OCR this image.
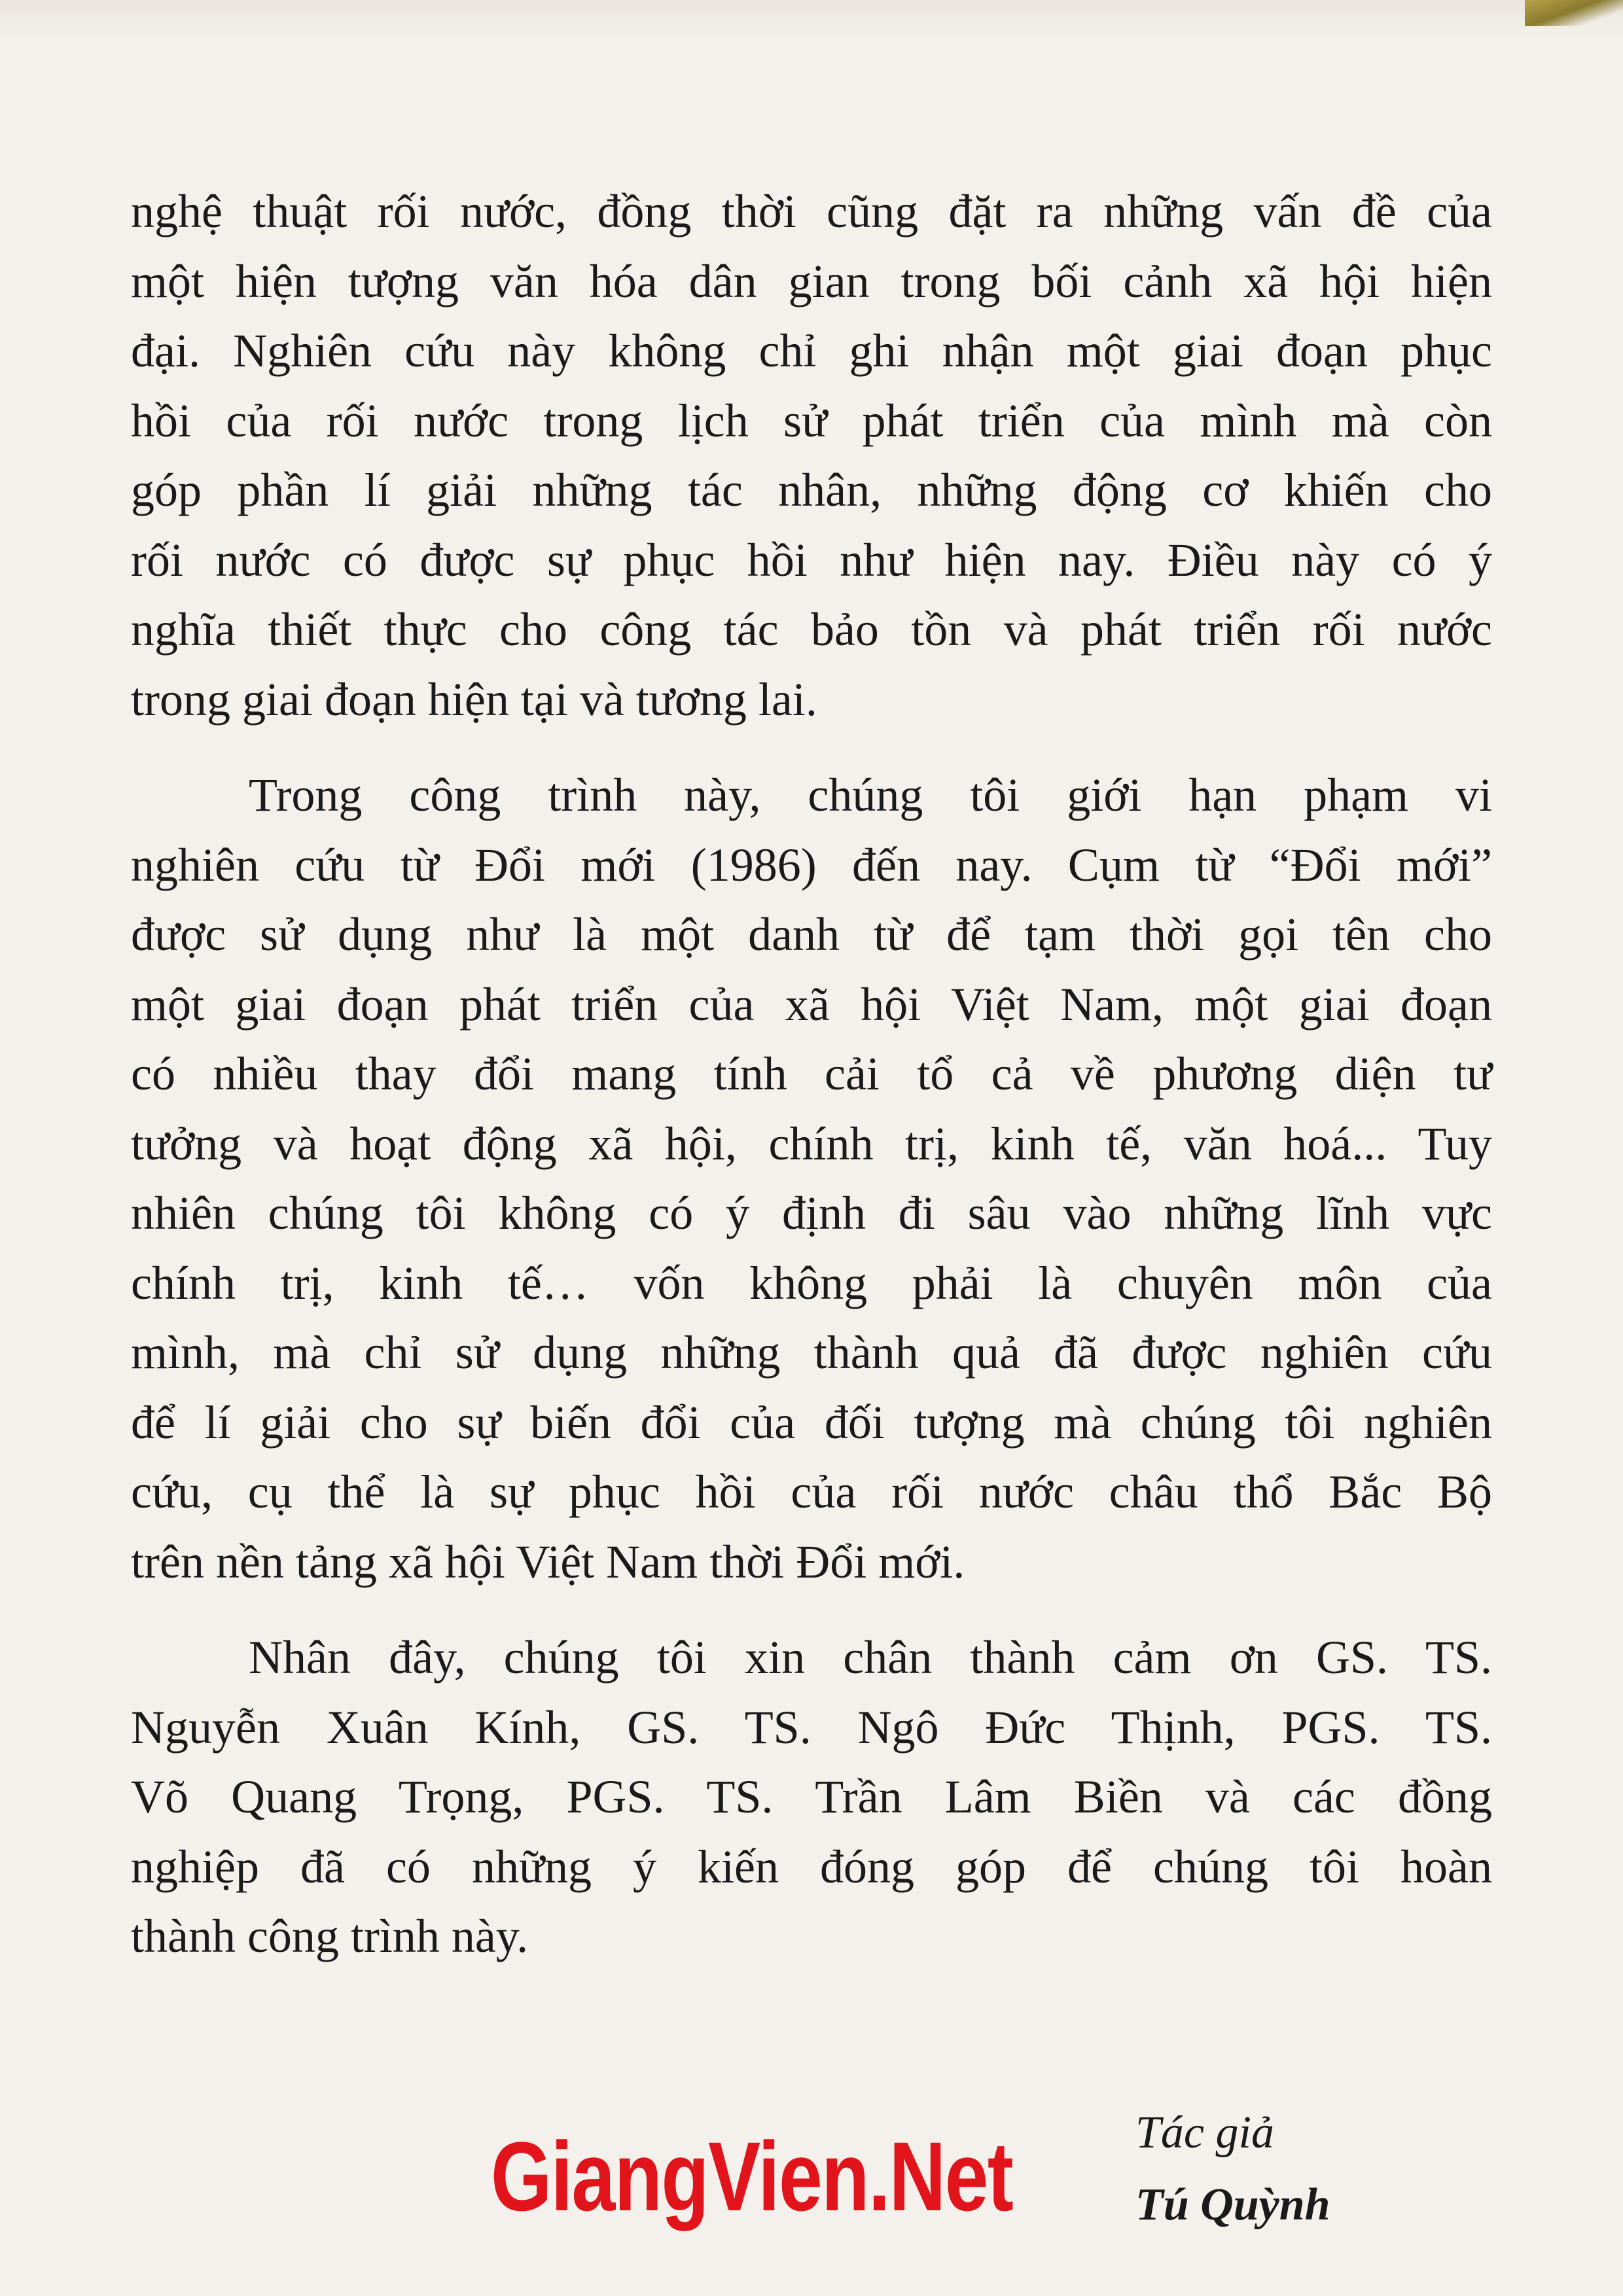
nghệ thuật rối nước, đồng thời cũng đặt ra những vấn đề của
một hiện tượng văn hóa dân gian trong bối cảnh xã hội hiện
đại. Nghiên cứu này không chỉ ghi nhận một giai đoạn phục
hồi của rối nước trong lịch sử phát triển của mình mà còn
góp phần lí giải những tác nhân, những động cơ khiến cho
rối nước có được sự phục hồi như hiện nay. Điều này có ý
nghĩa thiết thực cho công tác bảo tồn và phát triển rối nước
trong giai đoạn hiện tại và tương lai.

Trong công trình này, chúng tôi giới hạn phạm vi
nghiên cứu từ Đổi mới (1986) đến nay. Cụm từ “Đổi mới”
được sử dụng như là một danh từ để tạm thời gọi tên cho
một giai đoạn phát triển của xã hội Việt Nam, một giai đoạn
có nhiều thay đổi mang tính cải tổ cả về phương diện tư
tưởng và hoạt động xã hội, chính trị, kinh tế, văn hoá... Tuy
nhiên chúng tôi không có ý định đi sâu vào những lĩnh vực
chính trị, kinh tế… vốn không phải là chuyên môn của
mình, mà chỉ sử dụng những thành quả đã được nghiên cứu
để lí giải cho sự biến đổi của đối tượng mà chúng tôi nghiên
cứu, cụ thể là sự phục hồi của rối nước châu thổ Bắc Bộ
trên nền tảng xã hội Việt Nam thời Đổi mới.

Nhân đây, chúng tôi xin chân thành cảm ơn GS. TS.
Nguyễn Xuân Kính, GS. TS. Ngô Đức Thịnh, PGS. TS.
Võ Quang Trọng, PGS. TS. Trần Lâm Biền và các đồng
nghiệp đã có những ý kiến đóng góp để chúng tôi hoàn
thành công trình này.

Tác giả
Tú Quỳnh
GiangVien.Net
